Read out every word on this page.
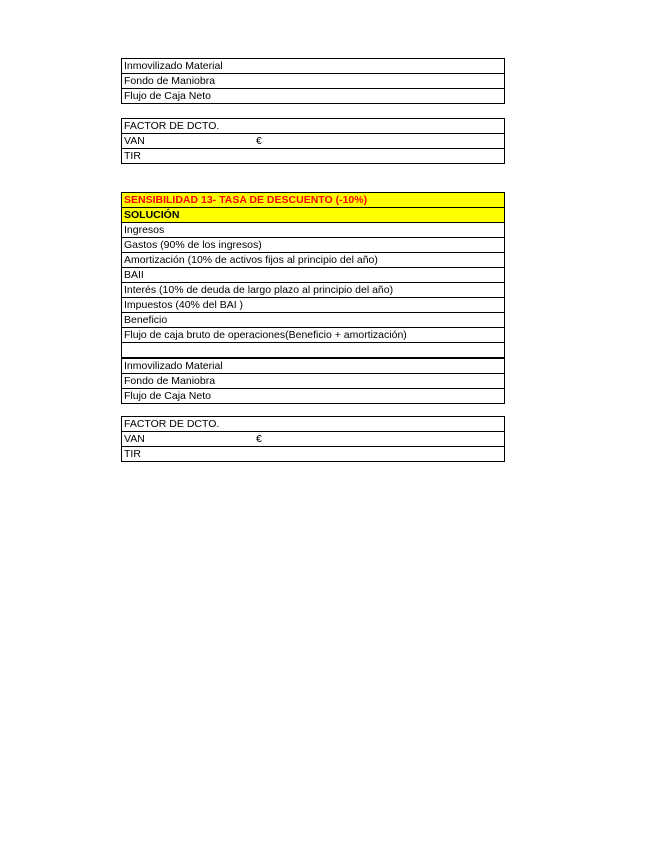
Inmovilizado Material
Fondo de Maniobra
Flujo de Caja Neto
FACTOR DE DCTO.
VAN	€

TIR
SENSIBILIDAD 13- TASA DE DESCUENTO (-10%)
SOLUCIÓN
Ingresos
Gastos (90% de los ingresos)
Amortización (10% de activos fijos al principio del año)
BAII
Interés (10% de deuda de largo plazo al principio del año)
Impuestos (40% del BAI )
Beneficio
Flujo de caja bruto de operaciones(Beneficio + amortización)

Inmovilizado Material
Fondo de Maniobra
Flujo de Caja Neto
FACTOR DE DCTO.
VAN	€

TIR
